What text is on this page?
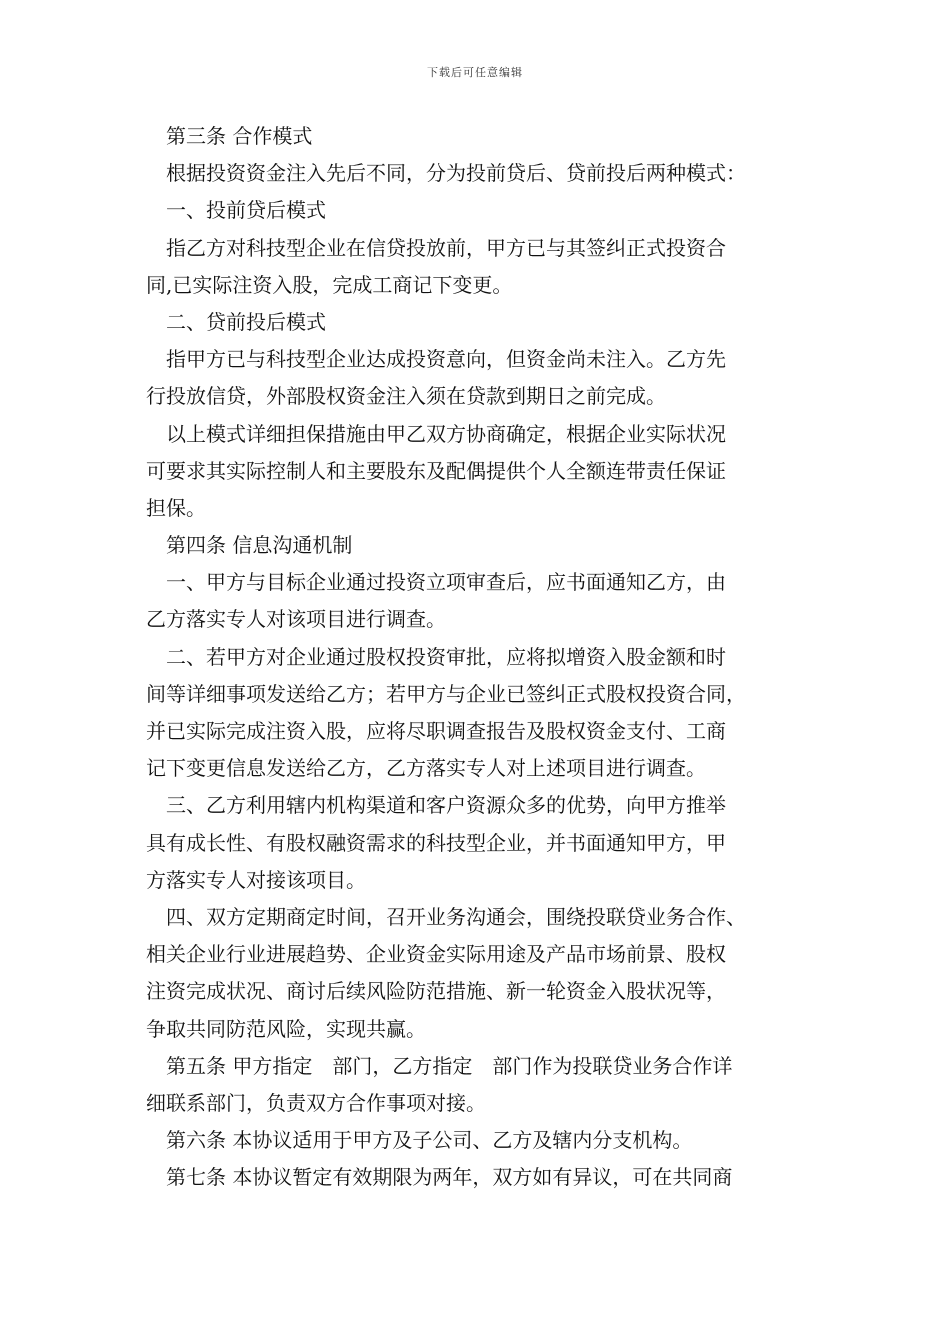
下载后可任意编辑
第三条 合作模式
根据投资资金注入先后不同，分为投前贷后、贷前投后两种模式：
一、投前贷后模式
指乙方对科技型企业在信贷投放前，甲方已与其签纠正式投资合
同,已实际注资入股，完成工商记下变更。
二、贷前投后模式
指甲方已与科技型企业达成投资意向，但资金尚未注入。乙方先
行投放信贷，外部股权资金注入须在贷款到期日之前完成。
以上模式详细担保措施由甲乙双方协商确定，根据企业实际状况
可要求其实际控制人和主要股东及配偶提供个人全额连带责任保证
担保。
第四条 信息沟通机制
一、甲方与目标企业通过投资立项审查后，应书面通知乙方，由
乙方落实专人对该项目进行调查。
二、若甲方对企业通过股权投资审批，应将拟增资入股金额和时
间等详细事项发送给乙方；若甲方与企业已签纠正式股权投资合同，
并已实际完成注资入股，应将尽职调查报告及股权资金支付、工商
记下变更信息发送给乙方，乙方落实专人对上述项目进行调查。
三、乙方利用辖内机构渠道和客户资源众多的优势，向甲方推举
具有成长性、有股权融资需求的科技型企业，并书面通知甲方，甲
方落实专人对接该项目。
四、双方定期商定时间，召开业务沟通会，围绕投联贷业务合作、
相关企业行业进展趋势、企业资金实际用途及产品市场前景、股权
注资完成状况、商讨后续风险防范措施、新一轮资金入股状况等，
争取共同防范风险，实现共赢。
第五条 甲方指定　部门，乙方指定　部门作为投联贷业务合作详
细联系部门，负责双方合作事项对接。
第六条 本协议适用于甲方及子公司、乙方及辖内分支机构。
第七条 本协议暂定有效期限为两年，双方如有异议，可在共同商
